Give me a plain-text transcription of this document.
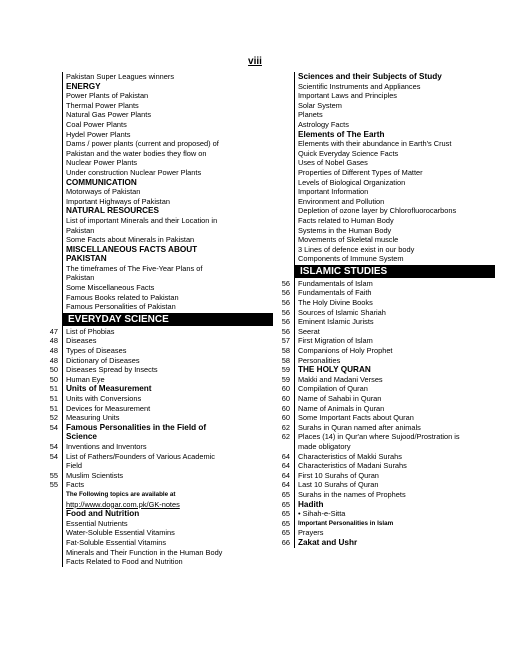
viii
47
48
48
48
50
50
51
51
51
52
54
54
54
55
55
Pakistan Super Leagues winners
ENERGY
Power Plants of Pakistan
Thermal Power Plants
Natural Gas Power Plants
Coal Power Plants
Hydel Power Plants
Dams / power plants (current and proposed) of
Pakistan and the water bodies they flow on
Nuclear Power Plants
Under construction Nuclear Power Plants
COMMUNICATION
Motorways of Pakistan
Important Highways of Pakistan
NATURAL RESOURCES
List of important Minerals and their Location in
Pakistan
Some Facts about Minerals in Pakistan
MISCELLANEOUS FACTS ABOUT
PAKISTAN
The timeframes of The Five-Year Plans of
Pakistan
Some Miscellaneous Facts
Famous Books related to Pakistan
Famous Personalities of Pakistan
EVERYDAY SCIENCE
List of Phobias
Diseases
Types of Diseases
Dictionary of Diseases
Diseases Spread by Insects
Human Eye
Units of Measurement
Units with Conversions
Devices for Measurement
Measuring Units
Famous Personalities in the Field of
Science
Inventions and Inventors
List of Fathers/Founders of Various Academic
Field
Muslim Scientists
Facts
The Following topics are available at
http://www.dogar.com.pk/GK-notes
Food and Nutrition
Essential Nutrients
Water-Soluble Essential Vitamins
Fat-Soluble Essential Vitamins
Minerals and Their Function in the Human Body
Facts Related to Food and Nutrition
56
56
56
56
56
56
57
58
58
59
59
60
60
60
60
62
62
64
64
64
64
65
65
65
65
65
66
Sciences and their Subjects of Study
Scientific Instruments and Appliances
Important Laws and Principles
Solar System
Planets
Astrology Facts
Elements of The Earth
Elements with their abundance in Earth's Crust
Quick Everyday Science Facts
Uses of Nobel Gases
Properties of Different Types of Matter
Levels of Biological Organization
Important Information
Environment and Pollution
Depletion of ozone layer by Chlorofluorocarbons
Facts related to Human Body
Systems in the Human Body
Movements of Skeletal muscle
3 Lines of defence exist in our body
Components of Immune System
ISLAMIC STUDIES
Fundamentals of Islam
Fundamentals of Faith
The Holy Divine Books
Sources of Islamic Shariah
Eminent Islamic Jurists
Seerat
First Migration of Islam
Companions of Holy Prophet
Personalities
THE HOLY QURAN
Makki and Madani Verses
Compilation of Quran
Name of Sahabi in Quran
Name of Animals in Quran
Some Important Facts about Quran
Surahs in Quran named after animals
Places (14) in Qur'an where Sujood/Prostration is
made obligatory
Characteristics of Makki Surahs
Characteristics of Madani Surahs
First 10 Surahs of Quran
Last 10 Surahs of Quran
Surahs in the names of Prophets
Hadith
• Sihah-e-Sitta
Important Personalities in Islam
Prayers
Zakat and Ushr
